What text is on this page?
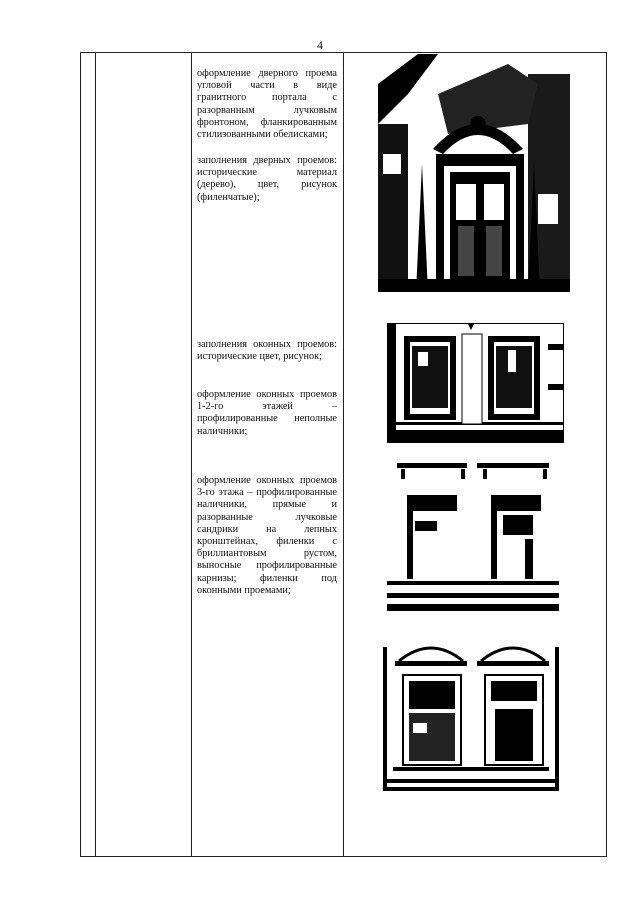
4
оформление дверного проема угловой части в виде гранитного портала с разорванным лучковым фронтоном, фланкированным стилизованными обелисками;
заполнения дверных проемов: исторические материал (дерево), цвет, рисунок (филенчатые);
заполнения оконных проемов: исторические цвет, рисунок;
оформление оконных проемов 1-2-го этажей – профилированные неполные наличники;
оформление оконных проемов 3-го этажа – профилированные наличники, прямые и разорванные лучковые сандрики на лепных кронштейнах, филенки с бриллиантовым рустом, выносные профилированные карнизы; филенки под оконными проемами;
